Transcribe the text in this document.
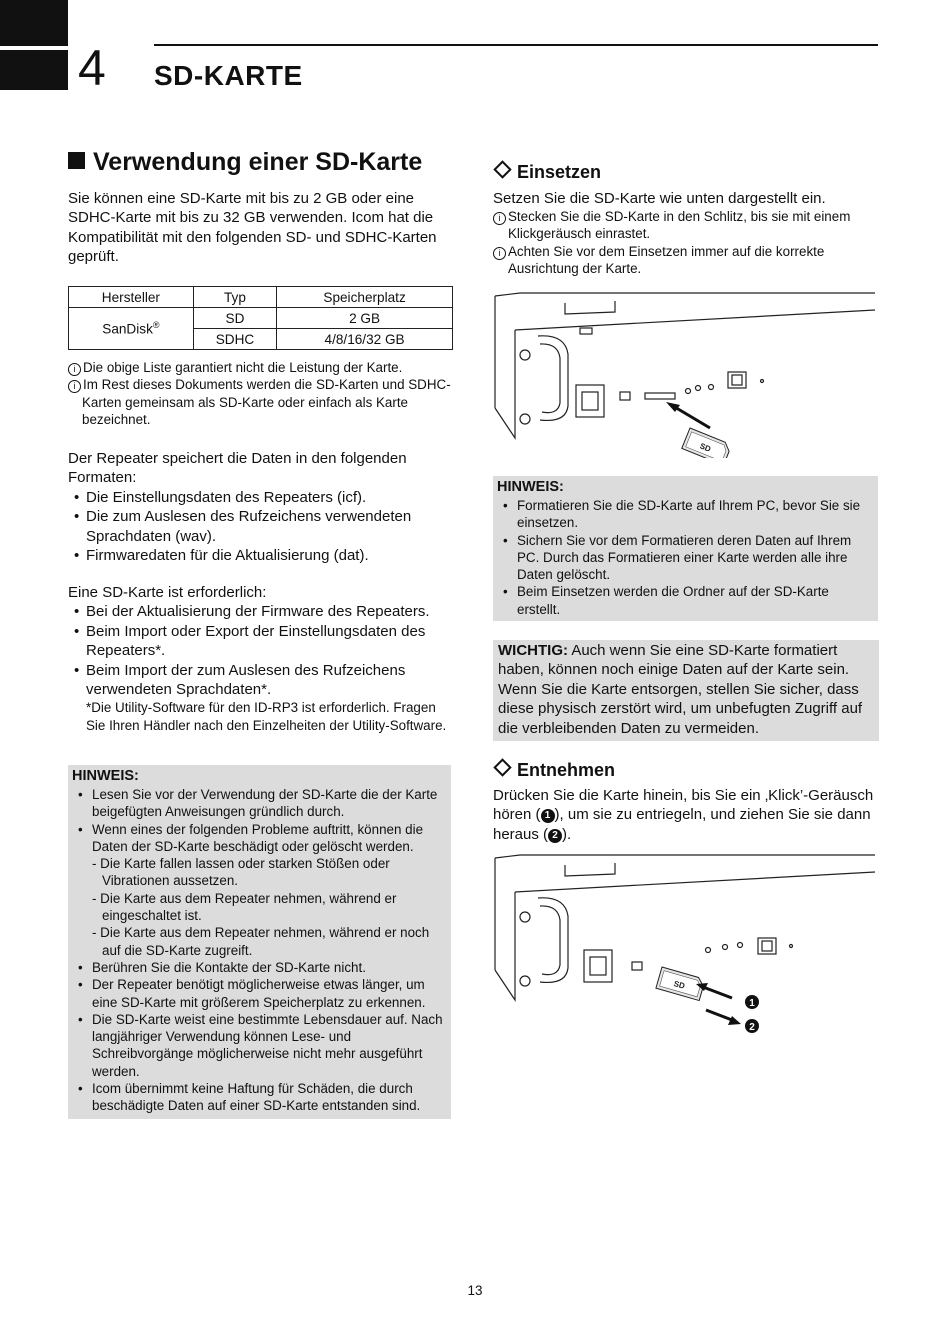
4 SD-KARTE
Verwendung einer SD-Karte
Sie können eine SD-Karte mit bis zu 2 GB oder eine SDHC-Karte mit bis zu 32 GB verwenden. Icom hat die Kompatibilität mit den folgenden SD- und SDHC-Karten geprüft.
Hersteller	Typ	Speicherplatz
SanDisk®	SD	2 GB
	SDHC	4/8/16/32 GB
i Die obige Liste garantiert nicht die Leistung der Karte.
i Im Rest dieses Dokuments werden die SD-Karten und SDHC-Karten gemeinsam als SD-Karte oder einfach als Karte bezeichnet.
Der Repeater speichert die Daten in den folgenden Formaten:
• Die Einstellungsdaten des Repeaters (icf).
• Die zum Auslesen des Rufzeichens verwendeten Sprachdaten (wav).
• Firmwaredaten für die Aktualisierung (dat).
Eine SD-Karte ist erforderlich:
• Bei der Aktualisierung der Firmware des Repeaters.
• Beim Import oder Export der Einstellungsdaten des Repeaters*.
• Beim Import der zum Auslesen des Rufzeichens verwendeten Sprachdaten*.
*Die Utility-Software für den ID-RP3 ist erforderlich. Fragen Sie Ihren Händler nach den Einzelheiten der Utility-Software.
HINWEIS:
• Lesen Sie vor der Verwendung der SD-Karte die der Karte beigefügten Anweisungen gründlich durch.
• Wenn eines der folgenden Probleme auftritt, können die Daten der SD-Karte beschädigt oder gelöscht werden.
- Die Karte fallen lassen oder starken Stößen oder Vibrationen aussetzen.
- Die Karte aus dem Repeater nehmen, während er eingeschaltet ist.
- Die Karte aus dem Repeater nehmen, während er noch auf die SD-Karte zugreift.
• Berühren Sie die Kontakte der SD-Karte nicht.
• Der Repeater benötigt möglicherweise etwas länger, um eine SD-Karte mit größerem Speicherplatz zu erkennen.
• Die SD-Karte weist eine bestimmte Lebensdauer auf. Nach langjähriger Verwendung können Lese- und Schreibvorgänge möglicherweise nicht mehr ausgeführt werden.
• Icom übernimmt keine Haftung für Schäden, die durch beschädigte Daten auf einer SD-Karte entstanden sind.
Einsetzen
Setzen Sie die SD-Karte wie unten dargestellt ein.
i Stecken Sie die SD-Karte in den Schlitz, bis sie mit einem Klickgeräusch einrastet.
i Achten Sie vor dem Einsetzen immer auf die korrekte Ausrichtung der Karte.
SD
HINWEIS:
• Formatieren Sie die SD-Karte auf Ihrem PC, bevor Sie sie einsetzen.
• Sichern Sie vor dem Formatieren deren Daten auf Ihrem PC. Durch das Formatieren einer Karte werden alle ihre Daten gelöscht.
• Beim Einsetzen werden die Ordner auf der SD-Karte erstellt.
WICHTIG: Auch wenn Sie eine SD-Karte formatiert haben, können noch einige Daten auf der Karte sein. Wenn Sie die Karte entsorgen, stellen Sie sicher, dass diese physisch zerstört wird, um unbefugten Zugriff auf die verbleibenden Daten zu vermeiden.
Entnehmen
Drücken Sie die Karte hinein, bis Sie ein ‚Klick’-Geräusch hören ( 1 ), um sie zu entriegeln, und ziehen Sie sie dann heraus ( 2 ).
SD
1
2
13
